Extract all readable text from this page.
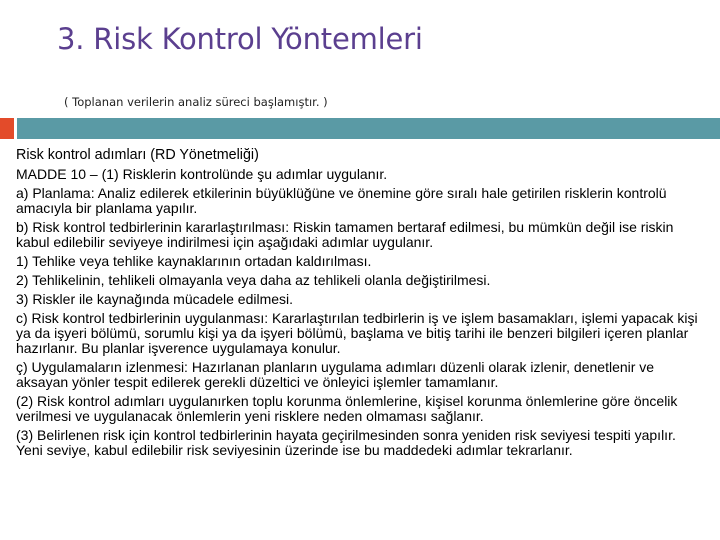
3. Risk Kontrol Yöntemleri
( Toplanan verilerin analiz süreci başlamıştır. )

Risk kontrol adımları (RD Yönetmeliği)

MADDE 10 – (1) Risklerin kontrolünde şu adımlar uygulanır.

a) Planlama: Analiz edilerek etkilerinin büyüklüğüne ve önemine göre sıralı hale getirilen risklerin kontrolü amacıyla bir planlama yapılır.

b) Risk kontrol tedbirlerinin kararlaştırılması: Riskin tamamen bertaraf edilmesi, bu mümkün değil ise riskin kabul edilebilir seviyeye indirilmesi için aşağıdaki adımlar uygulanır.

1) Tehlike veya tehlike kaynaklarının ortadan kaldırılması.

2) Tehlikelinin, tehlikeli olmayanla veya daha az tehlikeli olanla değiştirilmesi.

3) Riskler ile kaynağında mücadele edilmesi.

c) Risk kontrol tedbirlerinin uygulanması: Kararlaştırılan tedbirlerin iş ve işlem basamakları, işlemi yapacak kişi ya da işyeri bölümü, sorumlu kişi ya da işyeri bölümü, başlama ve bitiş tarihi ile benzeri bilgileri içeren planlar hazırlanır. Bu planlar işverence uygulamaya konulur.

ç) Uygulamaların izlenmesi: Hazırlanan planların uygulama adımları düzenli olarak izlenir, denetlenir ve aksayan yönler tespit edilerek gerekli düzeltici ve önleyici işlemler tamamlanır.

(2) Risk kontrol adımları uygulanırken toplu korunma önlemlerine, kişisel korunma önlemlerine göre öncelik verilmesi ve uygulanacak önlemlerin yeni risklere neden olmaması sağlanır.

(3) Belirlenen risk için kontrol tedbirlerinin hayata geçirilmesinden sonra yeniden risk seviyesi tespiti yapılır. Yeni seviye, kabul edilebilir risk seviyesinin üzerinde ise bu maddedeki adımlar tekrarlanır.
